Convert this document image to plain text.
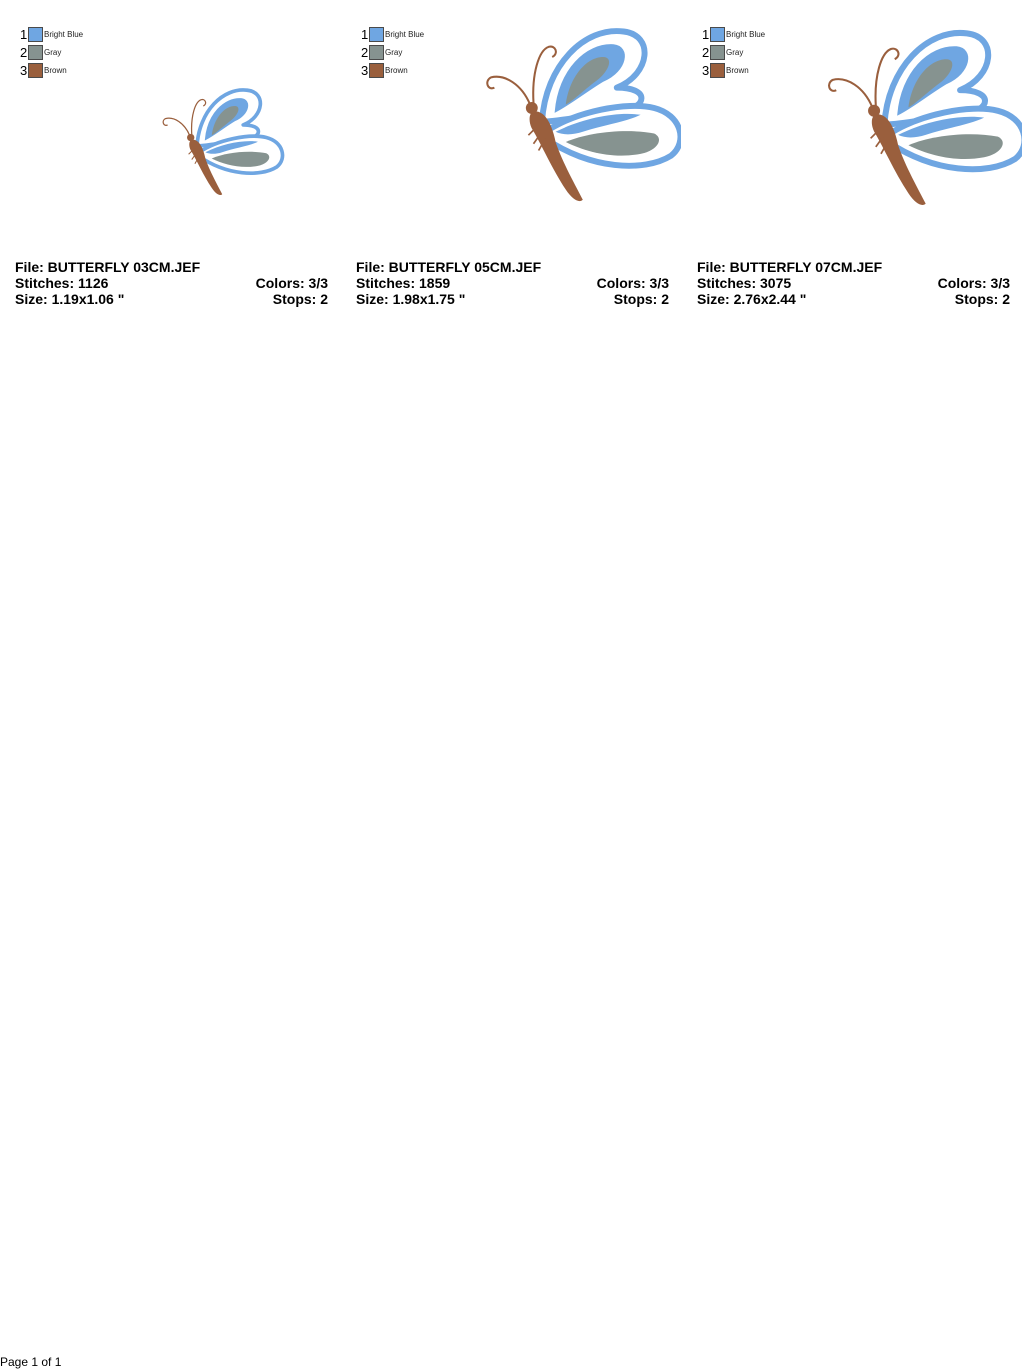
1 Bright Blue
2 Gray
3 Brown
File: BUTTERFLY 03CM.JEF
Stitches: 1126	Colors: 3/3
Size: 1.19x1.06 "	Stops: 2
1 Bright Blue
2 Gray
3 Brown
File: BUTTERFLY 05CM.JEF
Stitches: 1859	Colors: 3/3
Size: 1.98x1.75 "	Stops: 2
1 Bright Blue
2 Gray
3 Brown
File: BUTTERFLY 07CM.JEF
Stitches: 3075	Colors: 3/3
Size: 2.76x2.44 "	Stops: 2
Page 1 of 1
